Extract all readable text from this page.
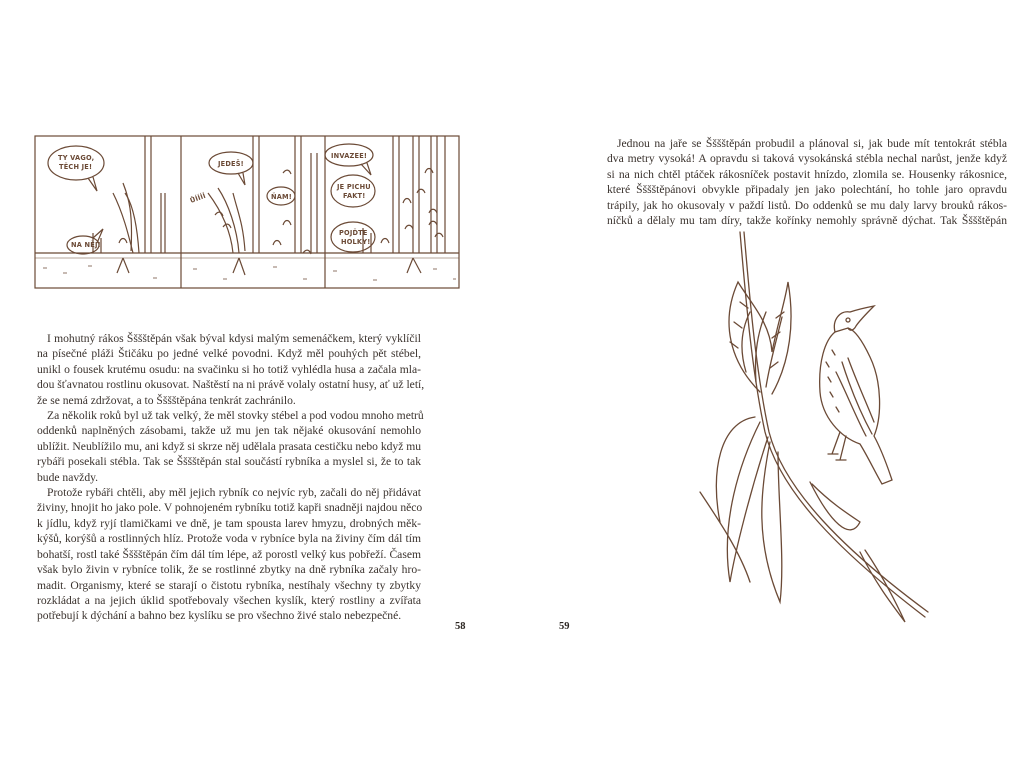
TY VAGO,
TĚCH JE!
NA NĚJ!
JEDEŠ!
ŇAM!
ŮÍÍÍÍ
INVAZEE!
JE PICHU
FAKT!
POJĎTE
HOLKY!

I mohutný rákos Šššštěpán však býval kdysi malým semenáčkem, který vyklíčil
na písečné pláži Štičáku po jedné velké povodni. Když měl pouhých pět stébel,
unikl o fousek krutému osudu: na svačinku si ho totiž vyhlédla husa a začala mla-
dou šťavnatou rostlinu okusovat. Naštěstí na ni právě volaly ostatní husy, ať už letí,
že se nemá zdržovat, a to Šššštěpána tenkrát zachránilo.

Za několik roků byl už tak velký, že měl stovky stébel a pod vodou mnoho metrů
oddenků naplněných zásobami, takže už mu jen tak nějaké okusování nemohlo
ublížit. Neublížilo mu, ani když si skrze něj udělala prasata cestičku nebo když mu
rybáři posekali stébla. Tak se Šššštěpán stal součástí rybníka a myslel si, že to tak
bude navždy.

Protože rybáři chtěli, aby měl jejich rybník co nejvíc ryb, začali do něj přidávat
živiny, hnojit ho jako pole. V pohnojeném rybníku totiž kapři snadněji najdou něco
k jídlu, když ryjí tlamičkami ve dně, je tam spousta larev hmyzu, drobných měk-
kýšů, korýšů a rostlinných hlíz. Protože voda v rybníce byla na živiny čím dál tím
bohatší, rostl také Šššštěpán čím dál tím lépe, až porostl velký kus pobřeží. Časem
však bylo živin v rybníce tolik, že se rostlinné zbytky na dně rybníka začaly hro-
madit. Organismy, které se starají o čistotu rybníka, nestíhaly všechny ty zbytky
rozkládat a na jejich úklid spotřebovaly všechen kyslík, který rostliny a zvířata
potřebují k dýchání a bahno bez kyslíku se pro všechno živé stalo nebezpečné.

58

Jednou na jaře se Šššštěpán probudil a plánoval si, jak bude mít tentokrát stébla
dva metry vysoká! A opravdu si taková vysokánská stébla nechal narůst, jenže když
si na nich chtěl ptáček rákosníček postavit hnízdo, zlomila se. Housenky rákosnice,
které Šššštěpánovi obvykle připadaly jen jako polechtání, ho tohle jaro opravdu
trápily, jak ho okusovaly v paždí listů. Do oddenků se mu daly larvy brouků rákos-
níčků a dělaly mu tam díry, takže kořínky nemohly správně dýchat. Tak Šššštěpán

59
